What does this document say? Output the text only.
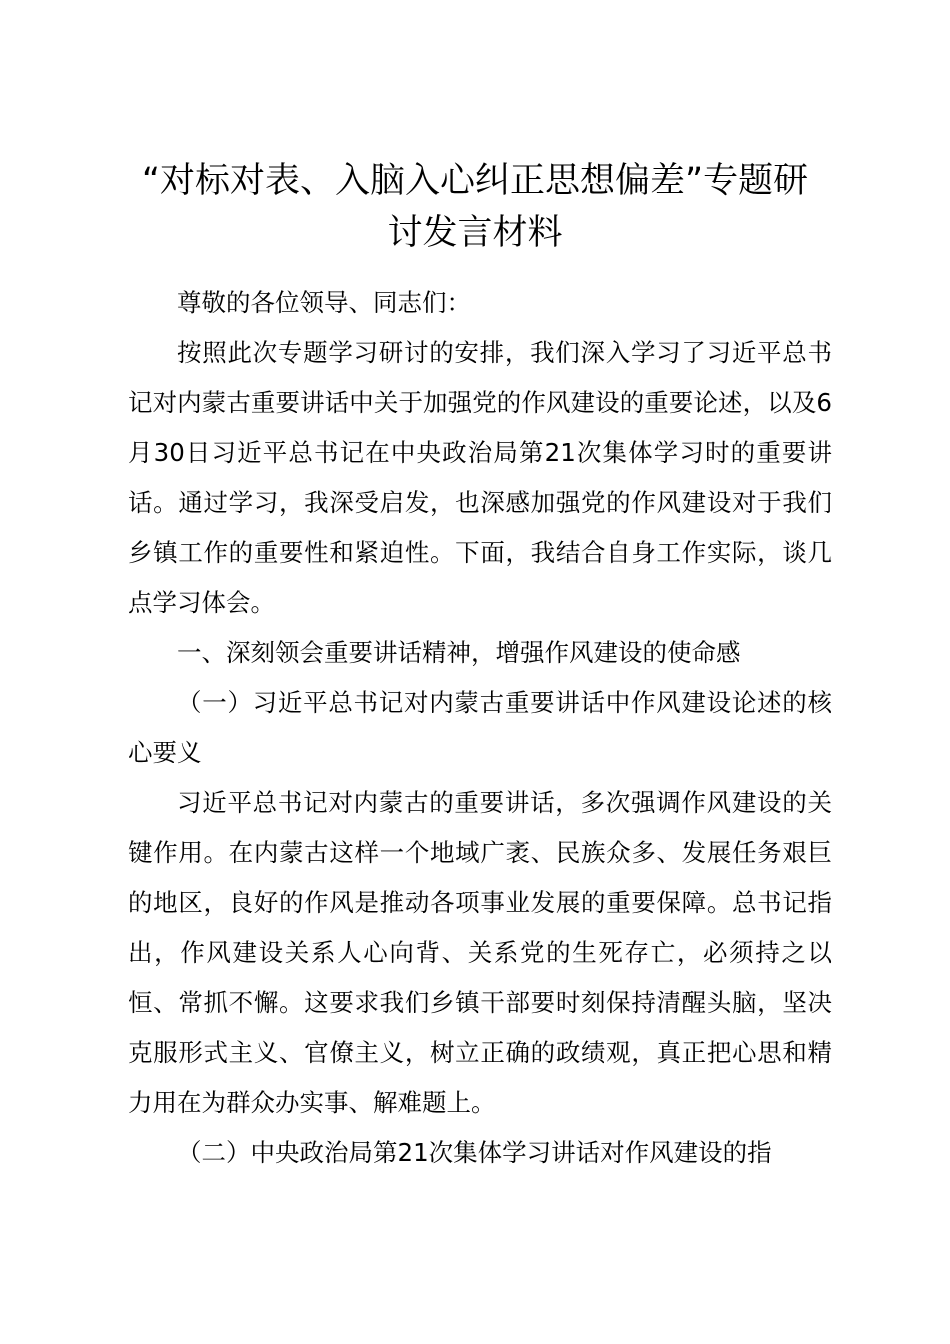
“对标对表、入脑入心纠正思想偏差”专题研
讨发言材料

尊敬的各位领导、同志们：

按照此次专题学习研讨的安排，我们深入学习了习近平总书记对内蒙古重要讲话中关于加强党的作风建设的重要论述，以及6月30日习近平总书记在中央政治局第21次集体学习时的重要讲话。通过学习，我深受启发，也深感加强党的作风建设对于我们乡镇工作的重要性和紧迫性。下面，我结合自身工作实际，谈几点学习体会。

一、深刻领会重要讲话精神，增强作风建设的使命感

（一）习近平总书记对内蒙古重要讲话中作风建设论述的核心要义

习近平总书记对内蒙古的重要讲话，多次强调作风建设的关键作用。在内蒙古这样一个地域广袤、民族众多、发展任务艰巨的地区，良好的作风是推动各项事业发展的重要保障。总书记指出，作风建设关系人心向背、关系党的生死存亡，必须持之以恒、常抓不懈。这要求我们乡镇干部要时刻保持清醒头脑，坚决克服形式主义、官僚主义，树立正确的政绩观，真正把心思和精力用在为群众办实事、解难题上。

（二）中央政治局第21次集体学习讲话对作风建设的指
